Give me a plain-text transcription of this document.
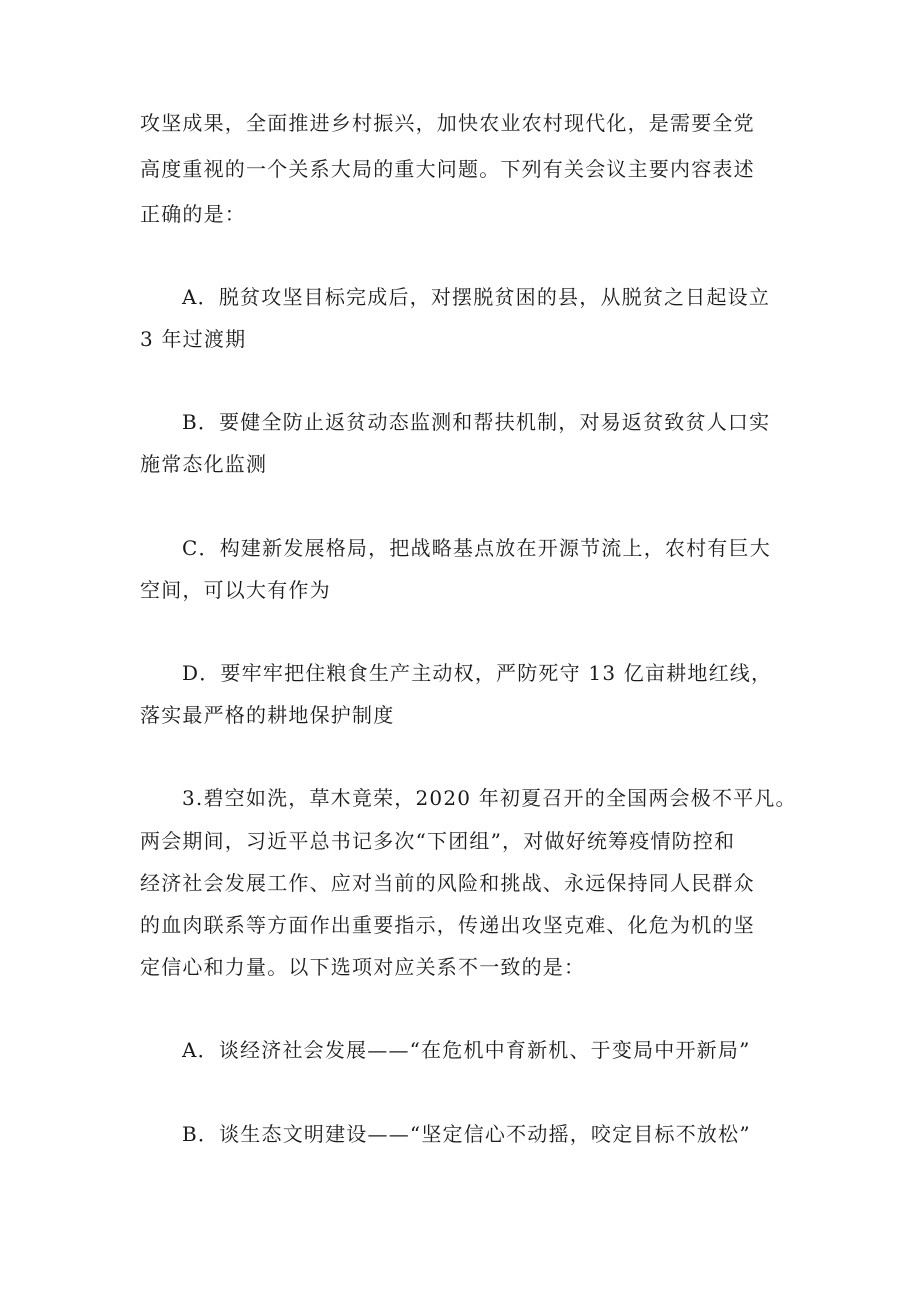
攻坚成果，全面推进乡村振兴，加快农业农村现代化，是需要全党
高度重视的一个关系大局的重大问题。下列有关会议主要内容表述
正确的是：
A．脱贫攻坚目标完成后，对摆脱贫困的县，从脱贫之日起设立
3 年过渡期
B．要健全防止返贫动态监测和帮扶机制，对易返贫致贫人口实
施常态化监测
C．构建新发展格局，把战略基点放在开源节流上，农村有巨大
空间，可以大有作为
D．要牢牢把住粮食生产主动权，严防死守 13 亿亩耕地红线，
落实最严格的耕地保护制度
3.碧空如洗，草木竟荣，2020 年初夏召开的全国两会极不平凡。
两会期间，习近平总书记多次“下团组”，对做好统筹疫情防控和
经济社会发展工作、应对当前的风险和挑战、永远保持同人民群众
的血肉联系等方面作出重要指示，传递出攻坚克难、化危为机的坚
定信心和力量。以下选项对应关系不一致的是：
A．谈经济社会发展——“在危机中育新机、于变局中开新局”
B．谈生态文明建设——“坚定信心不动摇，咬定目标不放松”
